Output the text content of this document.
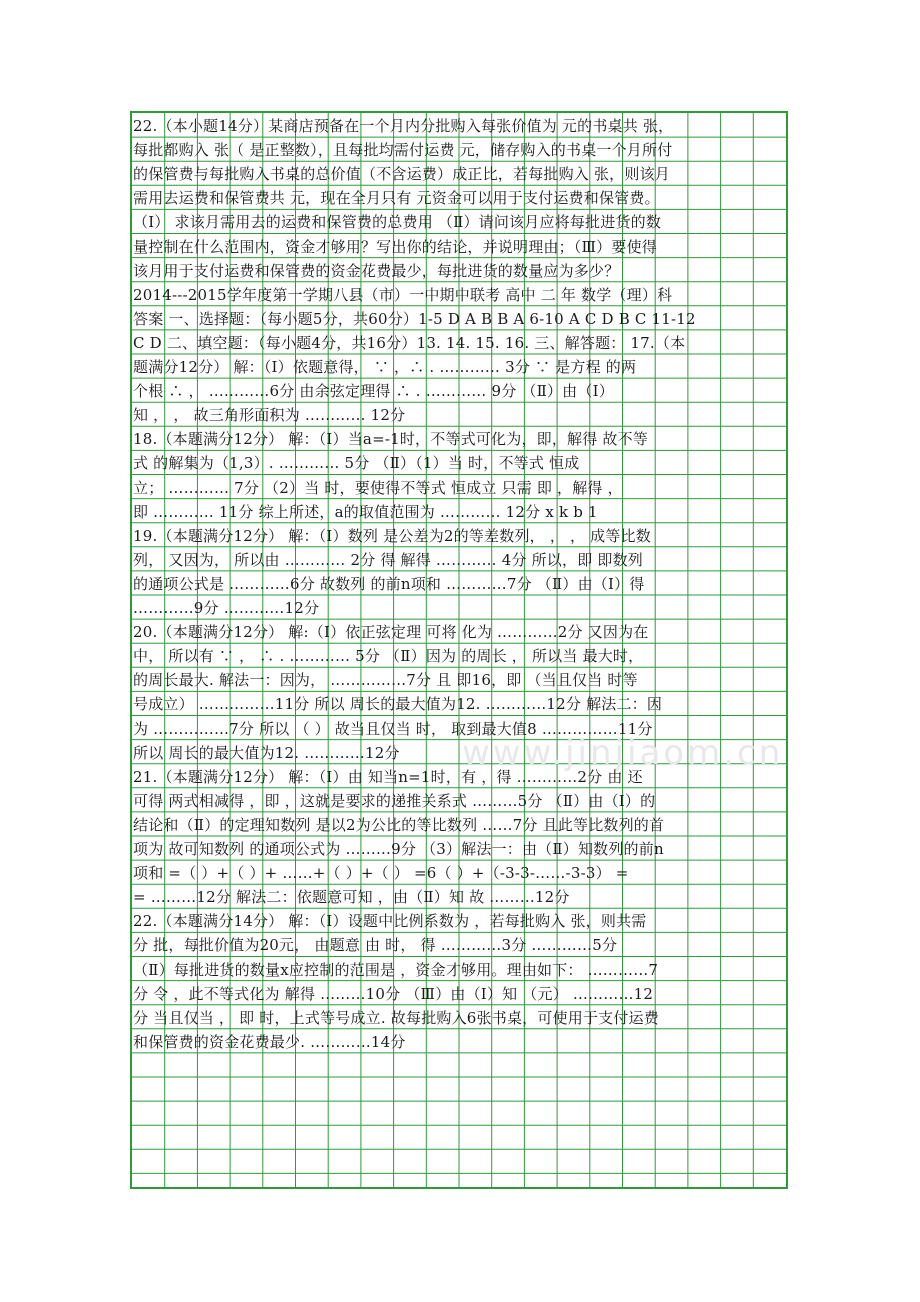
www.jinjiaom.cn
22.（本小题14分）某商店预备在一个月内分批购入每张价值为 元的书桌共 张，
每批都购入 张（ 是正整数），且每批均需付运费 元，储存购入的书桌一个月所付
的保管费与每批购入书桌的总价值（不含运费）成正比，若每批购入 张，则该月
需用去运费和保管费共 元，现在全月只有 元资金可以用于支付运费和保管费。
（Ⅰ） 求该月需用去的运费和保管费的总费用 （Ⅱ）请问该月应将每批进货的数
量控制在什么范围内，资金才够用？写出你的结论，并说明理由；（Ⅲ）要使得
该月用于支付运费和保管费的资金花费最少，每批进货的数量应为多少？
2014---2015学年度第一学期八县（市）一中期中联考 高中 二 年 数学（理）科
答案 一、选择题：（每小题5分，共60分）1-5 D A B B A 6-10 A C D B C 11-12
C D 二、填空题：（每小题4分，共16分）13. 14. 15. 16. 三、解答题： 17.（本
题满分12分） 解：（Ⅰ）依题意得， ∵ ，∴ . ………… 3分 ∵ 是方程 的两
个根 ∴ ， …………6分 由余弦定理得 ∴ . ………… 9分 （Ⅱ）由（Ⅰ）
知 ， ， 故三角形面积为 ………… 12分
18.（本题满分12分） 解：（Ⅰ）当a=-1时，不等式可化为，即，解得 故不等
式 的解集为（1,3）. ………… 5分 （Ⅱ）（1）当 时，不等式 恒成
立； ………… 7分 （2）当 时，要使得不等式 恒成立 只需 即 ，解得 ，
即 ………… 11分 综上所述，a的取值范围为 ………… 12分 x k b 1
19.（本题满分12分） 解：（Ⅰ）数列 是公差为2的等差数列， ， ， 成等比数
列， 又因为， 所以由 ………… 2分 得 解得 ………… 4分 所以，即 即数列
的通项公式是 …………6分 故数列 的前n项和 …………7分 （Ⅱ）由（Ⅰ）得
…………9分 …………12分
20.（本题满分12分） 解:（Ⅰ）依正弦定理 可将 化为 …………2分 又因为在
中， 所以有 ∵ ， ∴ . ………… 5分 （Ⅱ）因为 的周长 ， 所以当 最大时，
的周长最大. 解法一：因为， ……………7分 且 即16，即 （当且仅当 时等
号成立） ……………11分 所以 周长的最大值为12. …………12分 解法二：因
为 ……………7分 所以 （ ） 故当且仅当 时， 取到最大值8 ……………11分
所以 周长的最大值为12. …………12分
21.（本题满分12分） 解：（Ⅰ）由 知当n=1时，有 ，得 …………2分 由 还
可得 两式相减得 ，即 ，这就是要求的递推关系式 ………5分 （Ⅱ）由（Ⅰ）的
结论和（Ⅱ）的定理知数列 是以2为公比的等比数列 ……7分 且此等比数列的首
项为 故可知数列 的通项公式为 ………9分 （3）解法一：由（Ⅱ）知数列的前n
项和 =（ ）+（ ）+ ……+（ ）+（ ） =6（ ）+（-3-3-……-3-3） =
= ………12分 解法二：依题意可知 ，由（Ⅱ）知 故 ………12分
22.（本题满分14分） 解：（Ⅰ）设题中比例系数为 ，若每批购入 张，则共需
分 批，每批价值为20元， 由题意 由 时， 得 …………3分 …………5分
（Ⅱ）每批进货的数量x应控制的范围是 ，资金才够用。理由如下： …………7
分 令 ，此不等式化为 解得 ………10分 （Ⅲ）由（Ⅰ）知 （元） …………12
分 当且仅当 ， 即 时，上式等号成立. 故每批购入6张书桌，可使用于支付运费
和保管费的资金花费最少. …………14分
